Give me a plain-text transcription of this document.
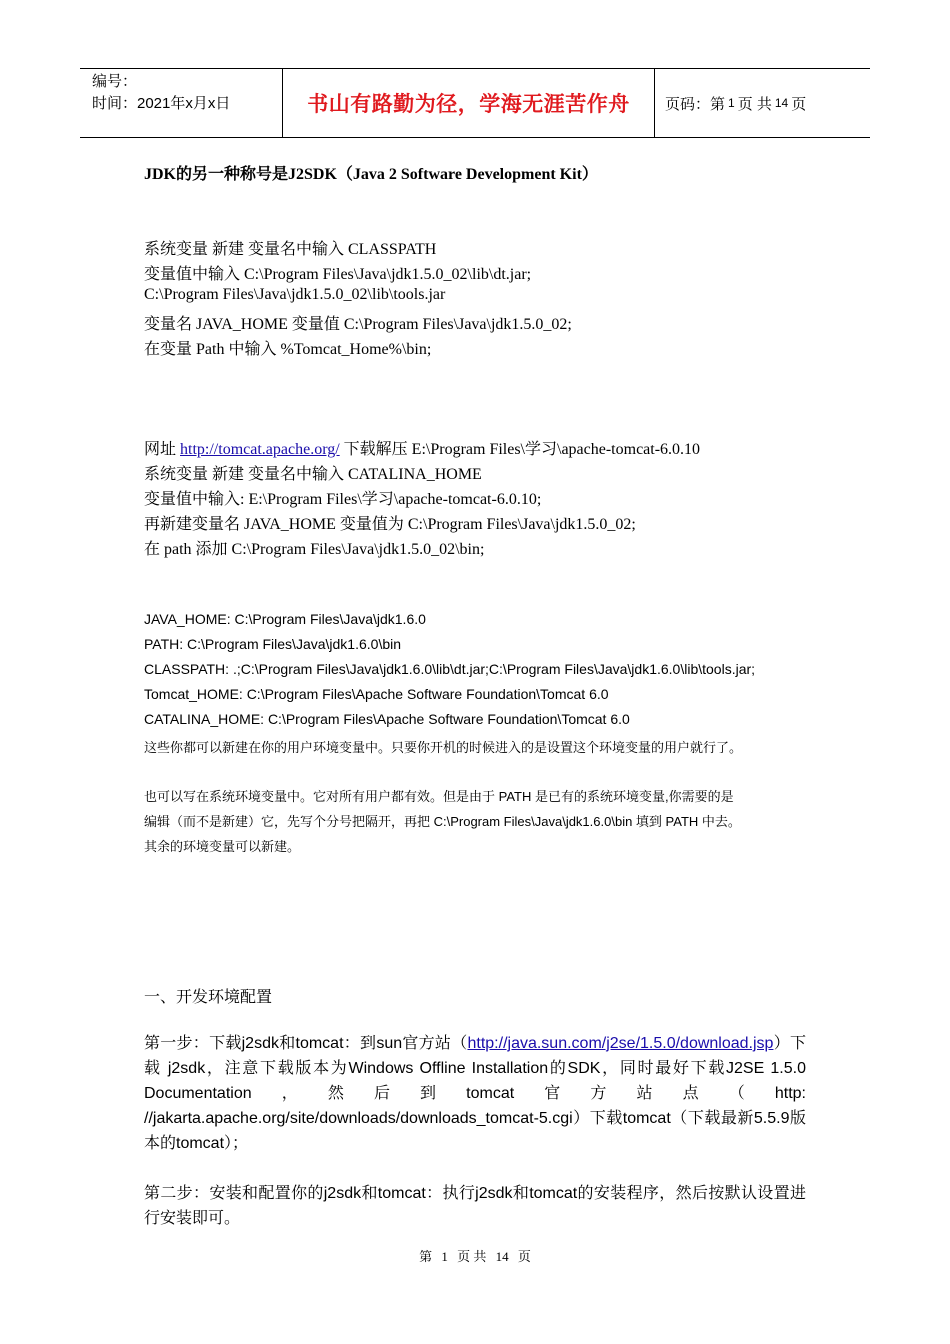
编号：
时间：2021年x月x日	书山有路勤为径，学海无涯苦作舟 页码：第 1 页 共 14 页
JDK的另一种称号是J2SDK（Java 2 Software Development Kit）
系统变量 新建 变量名中输入 CLASSPATH
变量值中输入 C:\Program Files\Java\jdk1.5.0_02\lib\dt.jar;
C:\Program Files\Java\jdk1.5.0_02\lib\tools.jar
变量名 JAVA_HOME 变量值 C:\Program Files\Java\jdk1.5.0_02;
在变量 Path 中输入 %Tomcat_Home%\bin;
网址 http://tomcat.apache.org/ 下载解压 E:\Program Files\学习\apache-tomcat-6.0.10
系统变量 新建 变量名中输入 CATALINA_HOME
变量值中输入: E:\Program Files\学习\apache-tomcat-6.0.10;
再新建变量名 JAVA_HOME 变量值为 C:\Program Files\Java\jdk1.5.0_02;
在 path 添加 C:\Program Files\Java\jdk1.5.0_02\bin;
JAVA_HOME: C:\Program Files\Java\jdk1.6.0
PATH: C:\Program Files\Java\jdk1.6.0\bin
CLASSPATH: .;C:\Program Files\Java\jdk1.6.0\lib\dt.jar;C:\Program Files\Java\jdk1.6.0\lib\tools.jar;
Tomcat_HOME: C:\Program Files\Apache Software Foundation\Tomcat 6.0
CATALINA_HOME: C:\Program Files\Apache Software Foundation\Tomcat 6.0
这些你都可以新建在你的用户环境变量中。只要你开机的时候进入的是设置这个环境变量的用户就行了。
也可以写在系统环境变量中。它对所有用户都有效。但是由于 PATH 是已有的系统环境变量,你需要的是
编辑（而不是新建）它，先写个分号把隔开，再把 C:\Program Files\Java\jdk1.6.0\bin 填到 PATH 中去。
其余的环境变量可以新建。
一、开发环境配置
第一步：下载j2sdk和tomcat：到sun官方站（http://java.sun.com/j2se/1.5.0/download.jsp）下载 j2sdk，注意下载版本为Windows Offline Installation的SDK，同时最好下载J2SE 1.5.0 Documentation，然后到tomcat官方站点（http: //jakarta.apache.org/site/downloads/downloads_tomcat-5.cgi）下载tomcat（下载最新5.5.9版本的tomcat）；
第二步：安装和配置你的j2sdk和tomcat：执行j2sdk和tomcat的安装程序，然后按默认设置进行安装即可。
第 1 页 共 14 页
